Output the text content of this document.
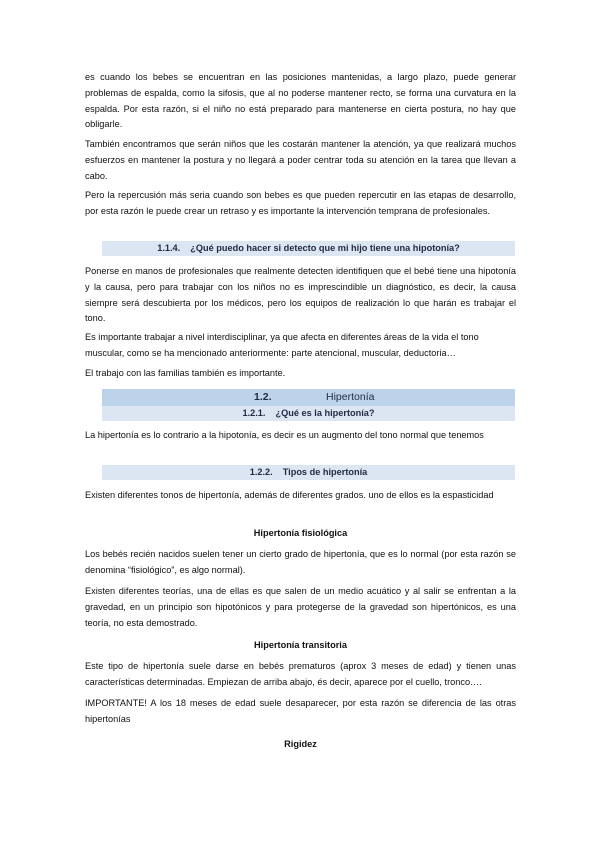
es cuando los bebes se encuentran en las posiciones mantenidas, a largo plazo, puede generar problemas de espalda, como la sifosis, que al no poderse mantener recto, se forma una curvatura en la espalda. Por esta razón, si el niño no está preparado para mantenerse en cierta postura, no hay que obligarle.
También encontramos que serán niños que les costarán mantener la atención, ya que realizará muchos esfuerzos en mantener la postura y no llegará a poder centrar toda su atención en la tarea que llevan a cabo.
Pero la repercusión más seria cuando son bebes es que pueden repercutir en las etapas de desarrollo, por esta razón le puede crear un retraso y es importante la intervención temprana de profesionales.
1.1.4. ¿Qué puedo hacer si detecto que mi hijo tiene una hipotonía?
Ponerse en manos de profesionales que realmente detecten identifiquen que el bebé tiene una hipotonía y la causa, pero para trabajar con los niños no es imprescindible un diagnóstico, es decir, la causa siempre será descubierta por los médicos, pero los equipos de realización lo que harán es trabajar el tono.
Es importante trabajar a nivel interdisciplinar, ya que afecta en diferentes áreas de la vida el tono muscular, como se ha mencionado anteriormente: parte atencional, muscular, deductoria…
El trabajo con las familias también es importante.
1.2.	Hipertonía
1.2.1. ¿Qué es la hipertonía?
La hipertonía es lo contrario a la hipotonía, es decir es un augmento del tono normal que tenemos
1.2.2. Tipos de hipertonía
Existen diferentes tonos de hipertonía, además de diferentes grados. uno de ellos es la espasticidad
Hipertonía fisiológica
Los bebés recién nacidos suelen tener un cierto grado de hipertonía, que es lo normal (por esta razón se denomina “fisiológico”, es algo normal).
Existen diferentes teorías, una de ellas es que salen de un medio acuático y al salir se enfrentan a la gravedad, en un principio son hipotónicos y para protegerse de la gravedad son hipertónicos, es una teoría, no esta demostrado.
Hipertonía transitoria
Este tipo de hipertonía suele darse en bebés prematuros (aprox 3 meses de edad) y tienen unas características determinadas. Empiezan de arriba abajo, és decir, aparece por el cuello, tronco….
IMPORTANTE! A los 18 meses de edad suele desaparecer, por esta razón se diferencia de las otras hipertonías
Rigidez
